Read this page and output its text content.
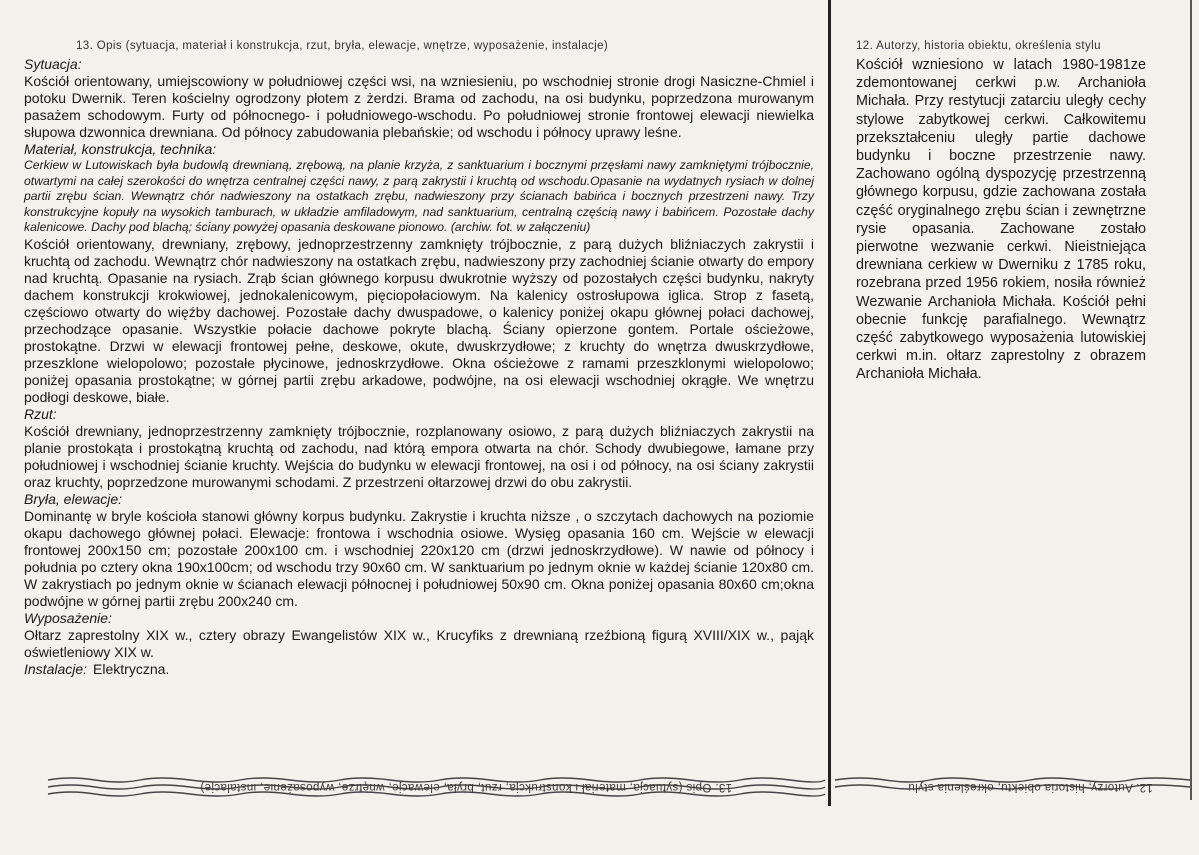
13. Opis (sytuacja, materiał i konstrukcja, rzut, bryła, elewacje, wnętrze, wyposażenie, instalacje)

Sytuacja:

Kościół orientowany, umiejscowiony w południowej części wsi, na wzniesieniu, po wschodniej stronie drogi Nasiczne-Chmiel i potoku Dwernik. Teren kościelny ogrodzony płotem z żerdzi. Brama od zachodu, na osi budynku, poprzedzona murowanym pasażem schodowym. Furty od północnego- i południowego-wschodu. Po południowej stronie frontowej elewacji niewielka słupowa dzwonnica drewniana. Od północy zabudowania plebańskie; od wschodu i północy uprawy leśne.

Materiał, konstrukcja, technika:

Cerkiew w Lutowiskach była budowlą drewnianą, zrębową, na planie krzyża, z sanktuarium i bocznymi przęsłami nawy zamkniętymi trójbocznie, otwartymi na całej szerokości do wnętrza centralnej części nawy, z parą zakrystii i kruchtą od wschodu.Opasanie na wydatnych rysiach w dolnej partii zrębu ścian. Wewnątrz chór nadwieszony na ostatkach zrębu, nadwieszony przy ścianach babińca i bocznych przestrzeni nawy. Trzy konstrukcyjne kopuły na wysokich tamburach, w układzie amfiladowym, nad sanktuarium, centralną częścią nawy i babińcem. Pozostałe dachy kalenicowe. Dachy pod blachą; ściany powyżej opasania deskowane pionowo. (archiw. fot. w załączeniu)

Kościół orientowany, drewniany, zrębowy, jednoprzestrzenny zamknięty trójbocznie, z parą dużych bliźniaczych zakrystii i kruchtą od zachodu. Wewnątrz chór nadwieszony na ostatkach zrębu, nadwieszony przy zachodniej ścianie otwarty do empory nad kruchtą. Opasanie na rysiach. Zrąb ścian głównego korpusu dwukrotnie wyższy od pozostałych części budynku, nakryty dachem konstrukcji krokwiowej, jednokalenicowym, pięciopołaciowym. Na kalenicy ostrosłupowa iglica. Strop z fasetą, częściowo otwarty do więźby dachowej. Pozostałe dachy dwuspadowe, o kalenicy poniżej okapu głównej połaci dachowej, przechodzące opasanie. Wszystkie połacie dachowe pokryte blachą. Ściany opierzone gontem. Portale ościeżowe, prostokątne. Drzwi w elewacji frontowej pełne, deskowe, okute, dwuskrzydłowe; z kruchty do wnętrza dwuskrzydłowe, przeszklone wielopolowo; pozostałe płycinowe, jednoskrzydłowe. Okna ościeżowe z ramami przeszklonymi wielopolowo; poniżej opasania prostokątne; w górnej partii zrębu arkadowe, podwójne, na osi elewacji wschodniej okrągłe. We wnętrzu podłogi deskowe, białe.

Rzut:

Kościół drewniany, jednoprzestrzenny zamknięty trójbocznie, rozplanowany osiowo, z parą dużych bliźniaczych zakrystii na planie prostokąta i prostokątną kruchtą od zachodu, nad którą empora otwarta na chór. Schody dwubiegowe, łamane przy południowej i wschodniej ścianie kruchty. Wejścia do budynku w elewacji frontowej, na osi i od północy, na osi ściany zakrystii oraz kruchty, poprzedzone murowanymi schodami. Z przestrzeni ołtarzowej drzwi do obu zakrystii.

Bryła, elewacje:

Dominantę w bryle kościoła stanowi główny korpus budynku. Zakrystie i kruchta niższe , o szczytach dachowych na poziomie okapu dachowego głównej połaci. Elewacje: frontowa i wschodnia osiowe. Wysięg opasania 160 cm. Wejście w elewacji frontowej 200x150 cm; pozostałe 200x100 cm. i wschodniej 220x120 cm (drzwi jednoskrzydłowe). W nawie od północy i południa po cztery okna 190x100cm; od wschodu trzy 90x60 cm. W sanktuarium po jednym oknie w każdej ścianie 120x80 cm. W zakrystiach po jednym oknie w ścianach elewacji północnej i południowej 50x90 cm. Okna poniżej opasania 80x60 cm;okna podwójne w górnej partii zrębu 200x240 cm.

Wyposażenie:

Ołtarz zaprestolny XIX w., cztery obrazy Ewangelistów XIX w., Krucyfiks z drewnianą rzeźbioną figurą XVIII/XIX w., pająk oświetleniowy XIX w.

Instalacje: Elektryczna.

12. Autorzy, historia obiektu, określenia stylu

Kościół wzniesiono w latach 1980-1981ze zdemontowanej cerkwi p.w. Archanioła Michała. Przy restytucji zatarciu uległy cechy stylowe zabytkowej cerkwi. Całkowitemu przekształceniu uległy partie dachowe budynku i boczne przestrzenie nawy. Zachowano ogólną dyspozycję przestrzenną głównego korpusu, gdzie zachowana została część oryginalnego zrębu ścian i zewnętrzne rysie opasania. Zachowane zostało pierwotne wezwanie cerkwi. Nieistniejąca drewniana cerkiew w Dwerniku z 1785 roku, rozebrana przed 1956 rokiem, nosiła również Wezwanie Archanioła Michała. Kościół pełni obecnie funkcję parafialnego. Wewnątrz część zabytkowego wyposażenia lutowiskiej cerkwi m.in. ołtarz zaprestolny z obrazem Archanioła Michała.

13. Opis (sytuacja, materiał i konstrukcja, rzut, bryła, elewacje, wnętrze, wyposażenie, instalacje)	12. Autorzy, historia obiektu, określenia stylu
